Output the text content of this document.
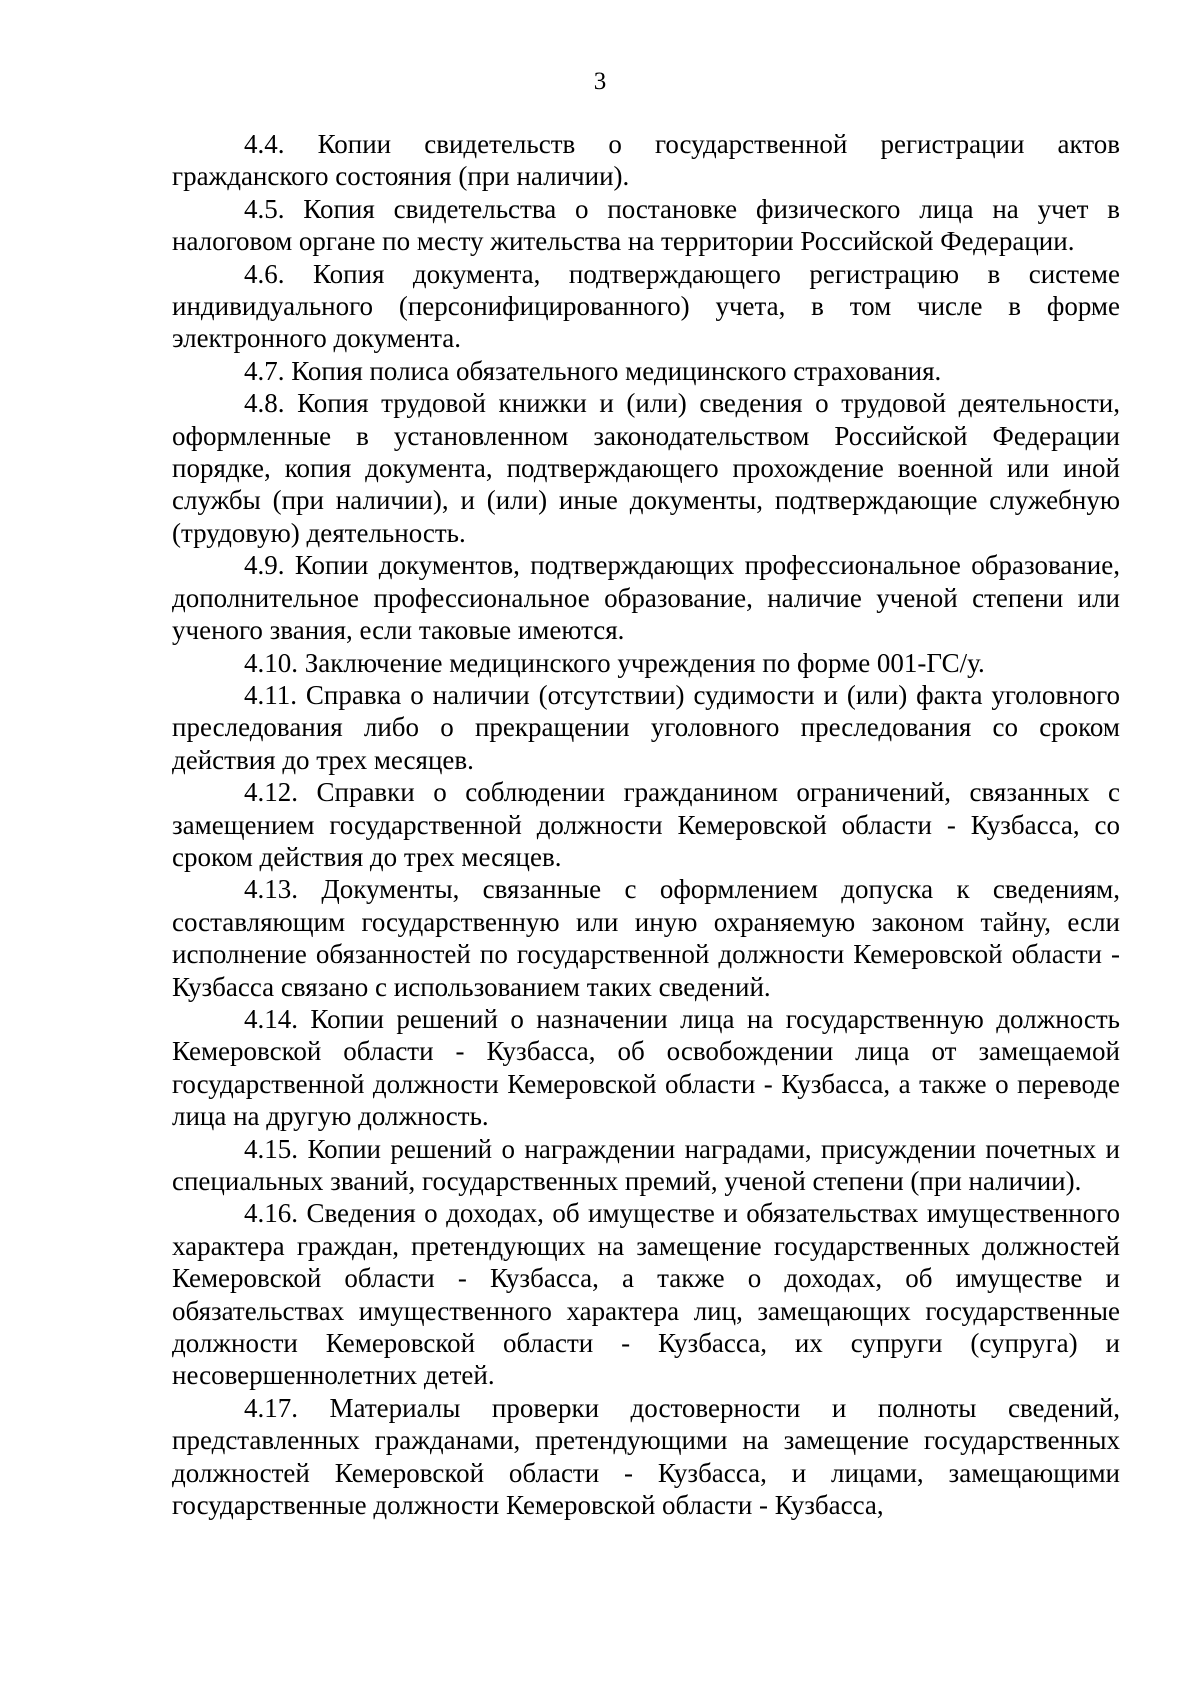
3

4.4. Копии свидетельств о государственной регистрации актов гражданского состояния (при наличии).

4.5. Копия свидетельства о постановке физического лица на учет в налоговом органе по месту жительства на территории Российской Федерации.

4.6. Копия документа, подтверждающего регистрацию в системе индивидуального (персонифицированного) учета, в том числе в форме электронного документа.

4.7. Копия полиса обязательного медицинского страхования.

4.8. Копия трудовой книжки и (или) сведения о трудовой деятельности, оформленные в установленном законодательством Российской Федерации порядке, копия документа, подтверждающего прохождение военной или иной службы (при наличии), и (или) иные документы, подтверждающие служебную (трудовую) деятельность.

4.9. Копии документов, подтверждающих профессиональное образование, дополнительное профессиональное образование, наличие ученой степени или ученого звания, если таковые имеются.

4.10. Заключение медицинского учреждения по форме 001-ГС/у.

4.11. Справка о наличии (отсутствии) судимости и (или) факта уголовного преследования либо о прекращении уголовного преследования со сроком действия до трех месяцев.

4.12. Справки о соблюдении гражданином ограничений, связанных с замещением государственной должности Кемеровской области - Кузбасса, со сроком действия до трех месяцев.

4.13. Документы, связанные с оформлением допуска к сведениям, составляющим государственную или иную охраняемую законом тайну, если исполнение обязанностей по государственной должности Кемеровской области - Кузбасса связано с использованием таких сведений.

4.14. Копии решений о назначении лица на государственную должность Кемеровской области - Кузбасса, об освобождении лица от замещаемой государственной должности Кемеровской области - Кузбасса, а также о переводе лица на другую должность.

4.15. Копии решений о награждении наградами, присуждении почетных и специальных званий, государственных премий, ученой степени (при наличии).

4.16. Сведения о доходах, об имуществе и обязательствах имущественного характера граждан, претендующих на замещение государственных должностей Кемеровской области - Кузбасса, а также о доходах, об имуществе и обязательствах имущественного характера лиц, замещающих государственные должности Кемеровской области - Кузбасса, их супруги (супруга) и несовершеннолетних детей.

4.17. Материалы проверки достоверности и полноты сведений, представленных гражданами, претендующими на замещение государственных должностей Кемеровской области - Кузбасса, и лицами, замещающими государственные должности Кемеровской области - Кузбасса,
